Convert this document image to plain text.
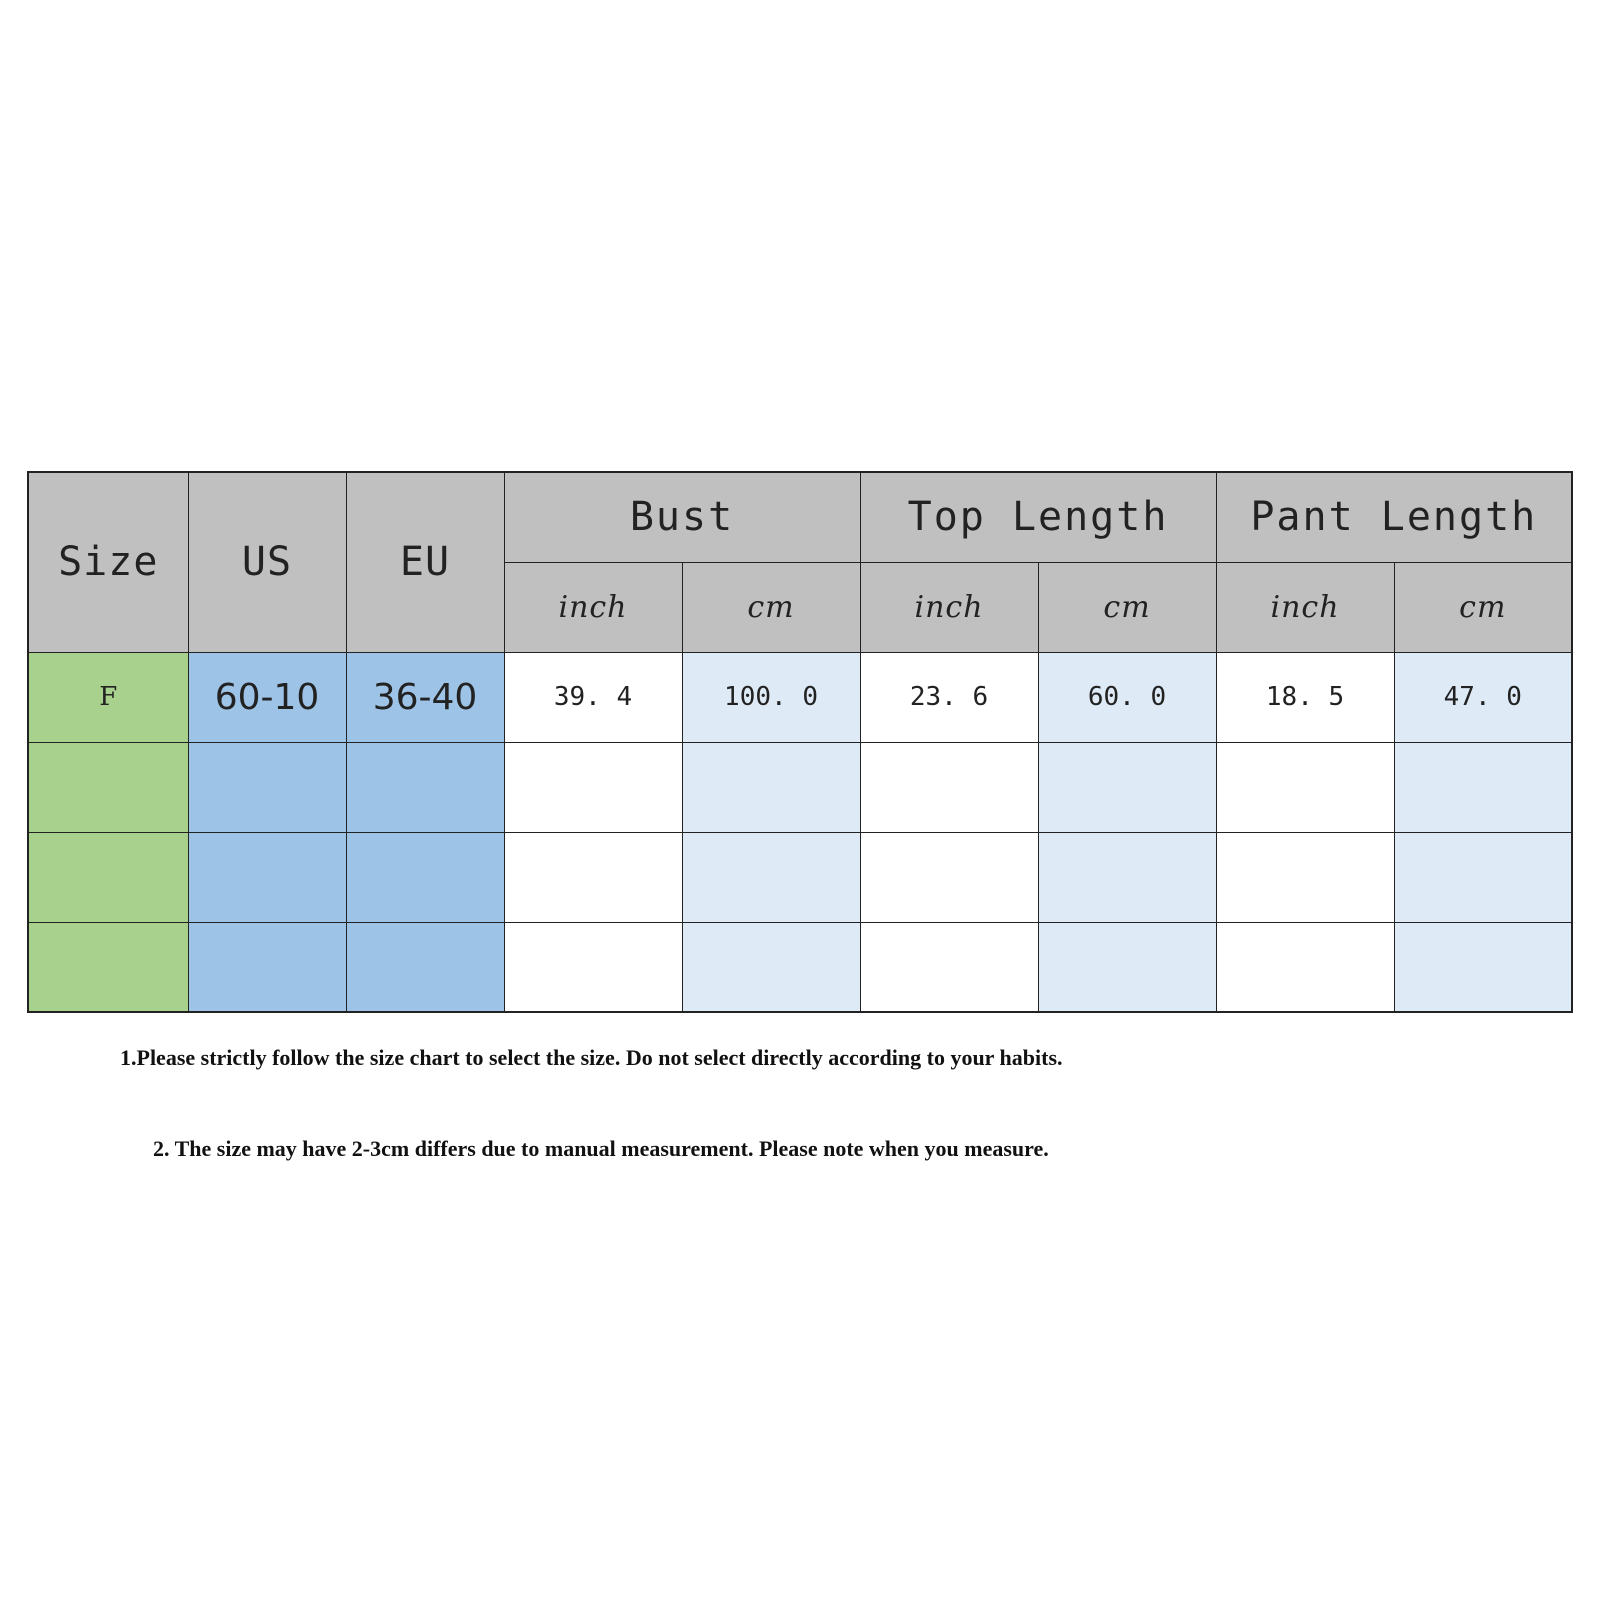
Size	US	EU	Bust		Top Length		Pant Length	
			inch	cm	inch	cm	inch	cm
F	60-10	36-40	39. 4	100. 0	23. 6	60. 0	18. 5	47. 0

1.Please strictly follow the size chart to select the size. Do not select directly according to your habits.
2. The size may have 2-3cm differs due to manual measurement. Please note when you measure.
